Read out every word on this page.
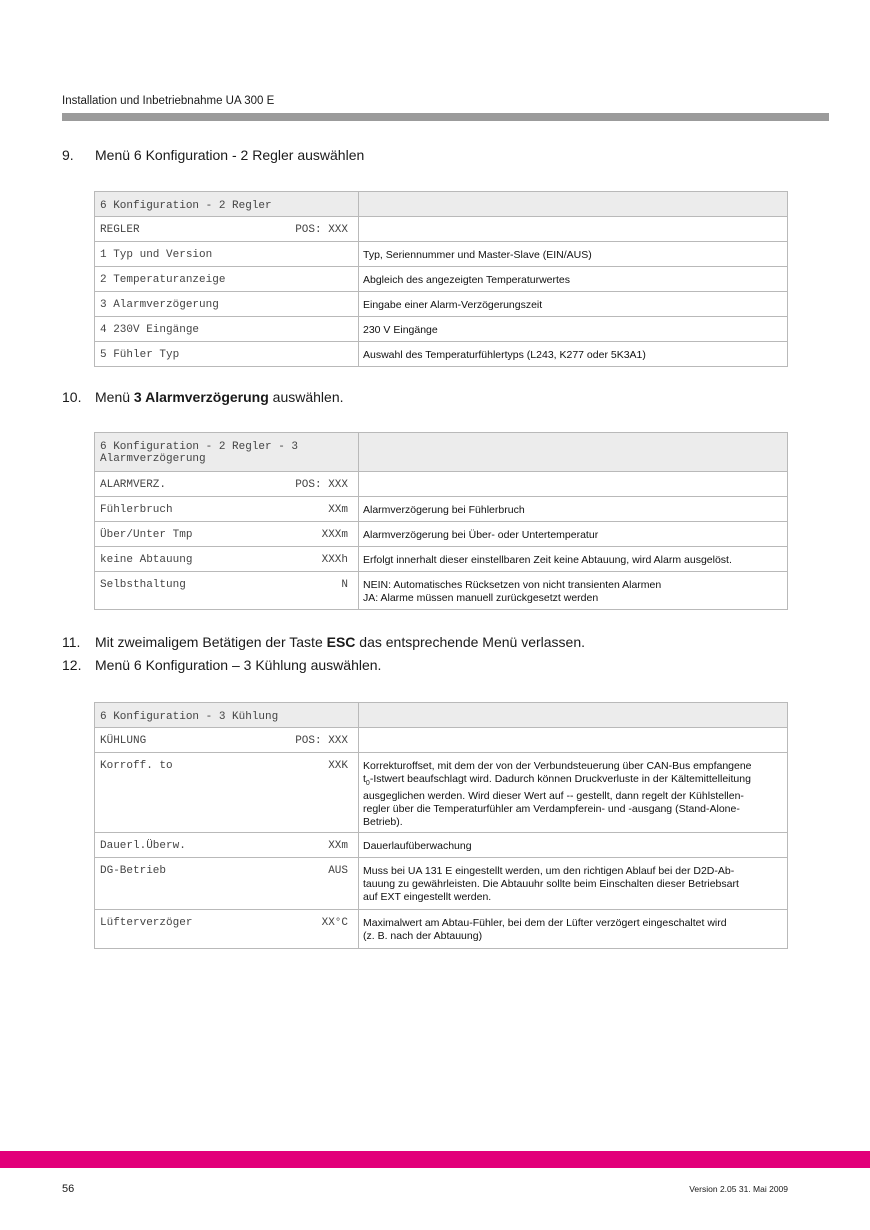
Installation und Inbetriebnahme UA 300 E
9. Menü 6 Konfiguration - 2 Regler auswählen
6 Konfiguration - 2 Regler	

REGLER	POS: XXX

1 Typ und Version	Typ, Seriennummer und Master-Slave (EIN/AUS)

2 Temperaturanzeige	Abgleich des angezeigten Temperaturwertes

3 Alarmverzögerung	Eingabe einer Alarm-Verzögerungszeit

4 230V Eingänge	230 V Eingänge

5 Fühler Typ	Auswahl des Temperaturfühlertyps (L243, K277 oder 5K3A1)
10. Menü 3 Alarmverzögerung auswählen.
6 Konfiguration - 2 Regler - 3
Alarmverzögerung

ALARMVERZ.	POS: XXX

Fühlerbruch	XXm	Alarmverzögerung bei Fühlerbruch

Über/Unter Tmp	XXXm	Alarmverzögerung bei Über- oder Untertemperatur

keine Abtauung	XXXh	Erfolgt innerhalt dieser einstellbaren Zeit keine Abtauung, wird Alarm ausgelöst.

Selbsthaltung	N	NEIN: Automatisches Rücksetzen von nicht transienten Alarmen
JA: Alarme müssen manuell zurückgesetzt werden
11. Mit zweimaligem Betätigen der Taste ESC das entsprechende Menü verlassen.
12. Menü 6 Konfiguration – 3 Kühlung auswählen.
6 Konfiguration - 3 Kühlung	

KÜHLUNG	POS: XXX

Korroff. to	XXK	Korrekturoffset, mit dem der von der Verbundsteuerung über CAN-Bus empfangene
$t_0$-Istwert beaufschlagt wird. Dadurch können Druckverluste in der Kältemittelleitung
ausgeglichen werden. Wird dieser Wert auf -- gestellt, dann regelt der Kühlstellen-
regler über die Temperaturfühler am Verdampferein- und -ausgang (Stand-Alone-
Betrieb).

Dauerl.Überw.	XXm	Dauerlaufüberwachung

DG-Betrieb	AUS	Muss bei UA 131 E eingestellt werden, um den richtigen Ablauf bei der D2D-Ab-
tauung zu gewährleisten. Die Abtauuhr sollte beim Einschalten dieser Betriebsart
auf EXT eingestellt werden.

Lüfterverzöger	XX°C	Maximalwert am Abtau-Fühler, bei dem der Lüfter verzögert eingeschaltet wird
(z. B. nach der Abtauung)
56	Version 2.05 31. Mai 2009
